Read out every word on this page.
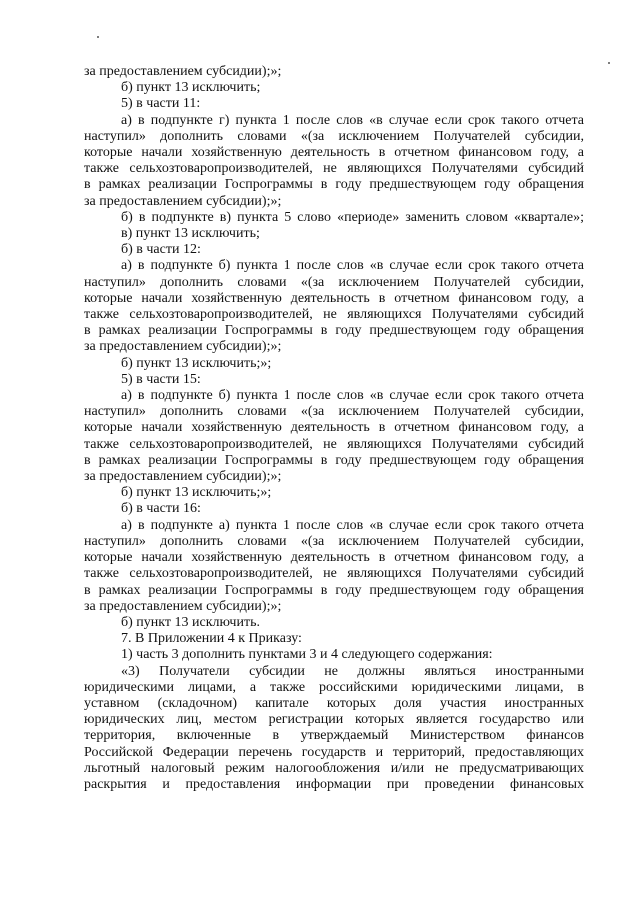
за предоставлением субсидии);»;
б) пункт 13 исключить;
5) в части 11:
а) в подпункте г) пункта 1 после слов «в случае если срок такого отчета
наступил» дополнить словами «(за исключением Получателей субсидии,
которые начали хозяйственную деятельность в отчетном финансовом году, а
также сельхозтоваропроизводителей, не являющихся Получателями субсидий
в рамках реализации Госпрограммы в году предшествующем году обращения
за предоставлением субсидии);»;
б) в подпункте в) пункта 5 слово «периоде» заменить словом «квартале»;
в) пункт 13 исключить;
б) в части 12:
а) в подпункте б) пункта 1 после слов «в случае если срок такого отчета
наступил» дополнить словами «(за исключением Получателей субсидии,
которые начали хозяйственную деятельность в отчетном финансовом году, а
также сельхозтоваропроизводителей, не являющихся Получателями субсидий
в рамках реализации Госпрограммы в году предшествующем году обращения
за предоставлением субсидии);»;
б) пункт 13 исключить;»;
5) в части 15:
а) в подпункте б) пункта 1 после слов «в случае если срок такого отчета
наступил» дополнить словами «(за исключением Получателей субсидии,
которые начали хозяйственную деятельность в отчетном финансовом году, а
также сельхозтоваропроизводителей, не являющихся Получателями субсидий
в рамках реализации Госпрограммы в году предшествующем году обращения
за предоставлением субсидии);»;
б) пункт 13 исключить;»;
б) в части 16:
а) в подпункте а) пункта 1 после слов «в случае если срок такого отчета
наступил» дополнить словами «(за исключением Получателей субсидии,
которые начали хозяйственную деятельность в отчетном финансовом году, а
также сельхозтоваропроизводителей, не являющихся Получателями субсидий
в рамках реализации Госпрограммы в году предшествующем году обращения
за предоставлением субсидии);»;
б) пункт 13 исключить.
7. В Приложении 4 к Приказу:
1) часть 3 дополнить пунктами 3 и 4 следующего содержания:
«3) Получатели субсидии не должны являться иностранными
юридическими лицами, а также российскими юридическими лицами, в
уставном (складочном) капитале которых доля участия иностранных
юридических лиц, местом регистрации которых является государство или
территория, включенные в утверждаемый Министерством финансов
Российской Федерации перечень государств и территорий, предоставляющих
льготный налоговый режим налогообложения и/или не предусматривающих
раскрытия и предоставления информации при проведении финансовых
